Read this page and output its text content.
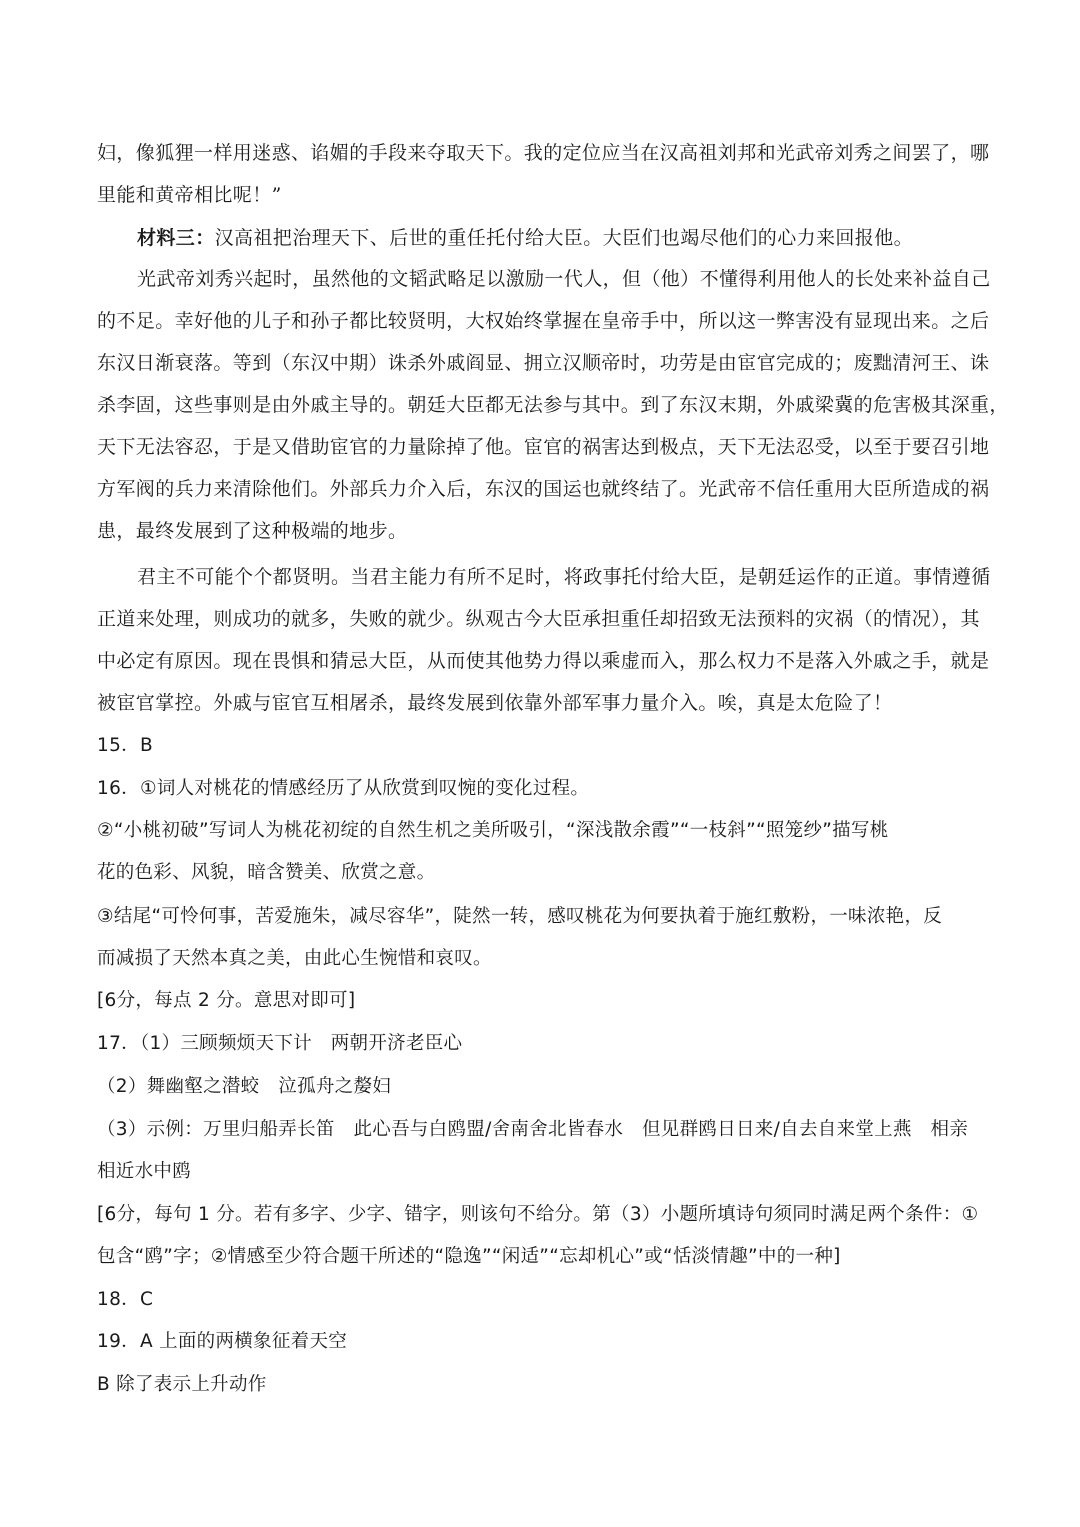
妇，像狐狸一样用迷惑、谄媚的手段来夺取天下。我的定位应当在汉高祖刘邦和光武帝刘秀之间罢了，哪
里能和黄帝相比呢！”
材料三：汉高祖把治理天下、后世的重任托付给大臣。大臣们也竭尽他们的心力来回报他。
光武帝刘秀兴起时，虽然他的文韬武略足以激励一代人，但（他）不懂得利用他人的长处来补益自己
的不足。幸好他的儿子和孙子都比较贤明，大权始终掌握在皇帝手中，所以这一弊害没有显现出来。之后
东汉日渐衰落。等到（东汉中期）诛杀外戚阎显、拥立汉顺帝时，功劳是由宦官完成的；废黜清河王、诛
杀李固，这些事则是由外戚主导的。朝廷大臣都无法参与其中。到了东汉末期，外戚梁冀的危害极其深重，
天下无法容忍，于是又借助宦官的力量除掉了他。宦官的祸害达到极点，天下无法忍受，以至于要召引地
方军阀的兵力来清除他们。外部兵力介入后，东汉的国运也就终结了。光武帝不信任重用大臣所造成的祸
患，最终发展到了这种极端的地步。
君主不可能个个都贤明。当君主能力有所不足时，将政事托付给大臣，是朝廷运作的正道。事情遵循
正道来处理，则成功的就多，失败的就少。纵观古今大臣承担重任却招致无法预料的灾祸（的情况），其
中必定有原因。现在畏惧和猜忌大臣，从而使其他势力得以乘虚而入，那么权力不是落入外戚之手，就是
被宦官掌控。外戚与宦官互相屠杀，最终发展到依靠外部军事力量介入。唉，真是太危险了！
15．B
16．①词人对桃花的情感经历了从欣赏到叹惋的变化过程。
②“小桃初破”写词人为桃花初绽的自然生机之美所吸引，“深浅散余霞”“一枝斜”“照笼纱”描写桃
花的色彩、风貌，暗含赞美、欣赏之意。
③结尾“可怜何事，苦爱施朱，减尽容华”，陡然一转，感叹桃花为何要执着于施红敷粉，一味浓艳，反
而减损了天然本真之美，由此心生惋惜和哀叹。
[6分，每点 2 分。意思对即可]
17．（1）三顾频烦天下计　两朝开济老臣心
（2）舞幽壑之潜蛟　泣孤舟之嫠妇
（3）示例：万里归船弄长笛　此心吾与白鸥盟/舍南舍北皆春水　但见群鸥日日来/自去自来堂上燕　相亲
相近水中鸥
[6分，每句 1 分。若有多字、少字、错字，则该句不给分。第（3）小题所填诗句须同时满足两个条件：①
包含“鸥”字；②情感至少符合题干所述的“隐逸”“闲适”“忘却机心”或“恬淡情趣”中的一种]
18．C
19．A 上面的两横象征着天空
B 除了表示上升动作
